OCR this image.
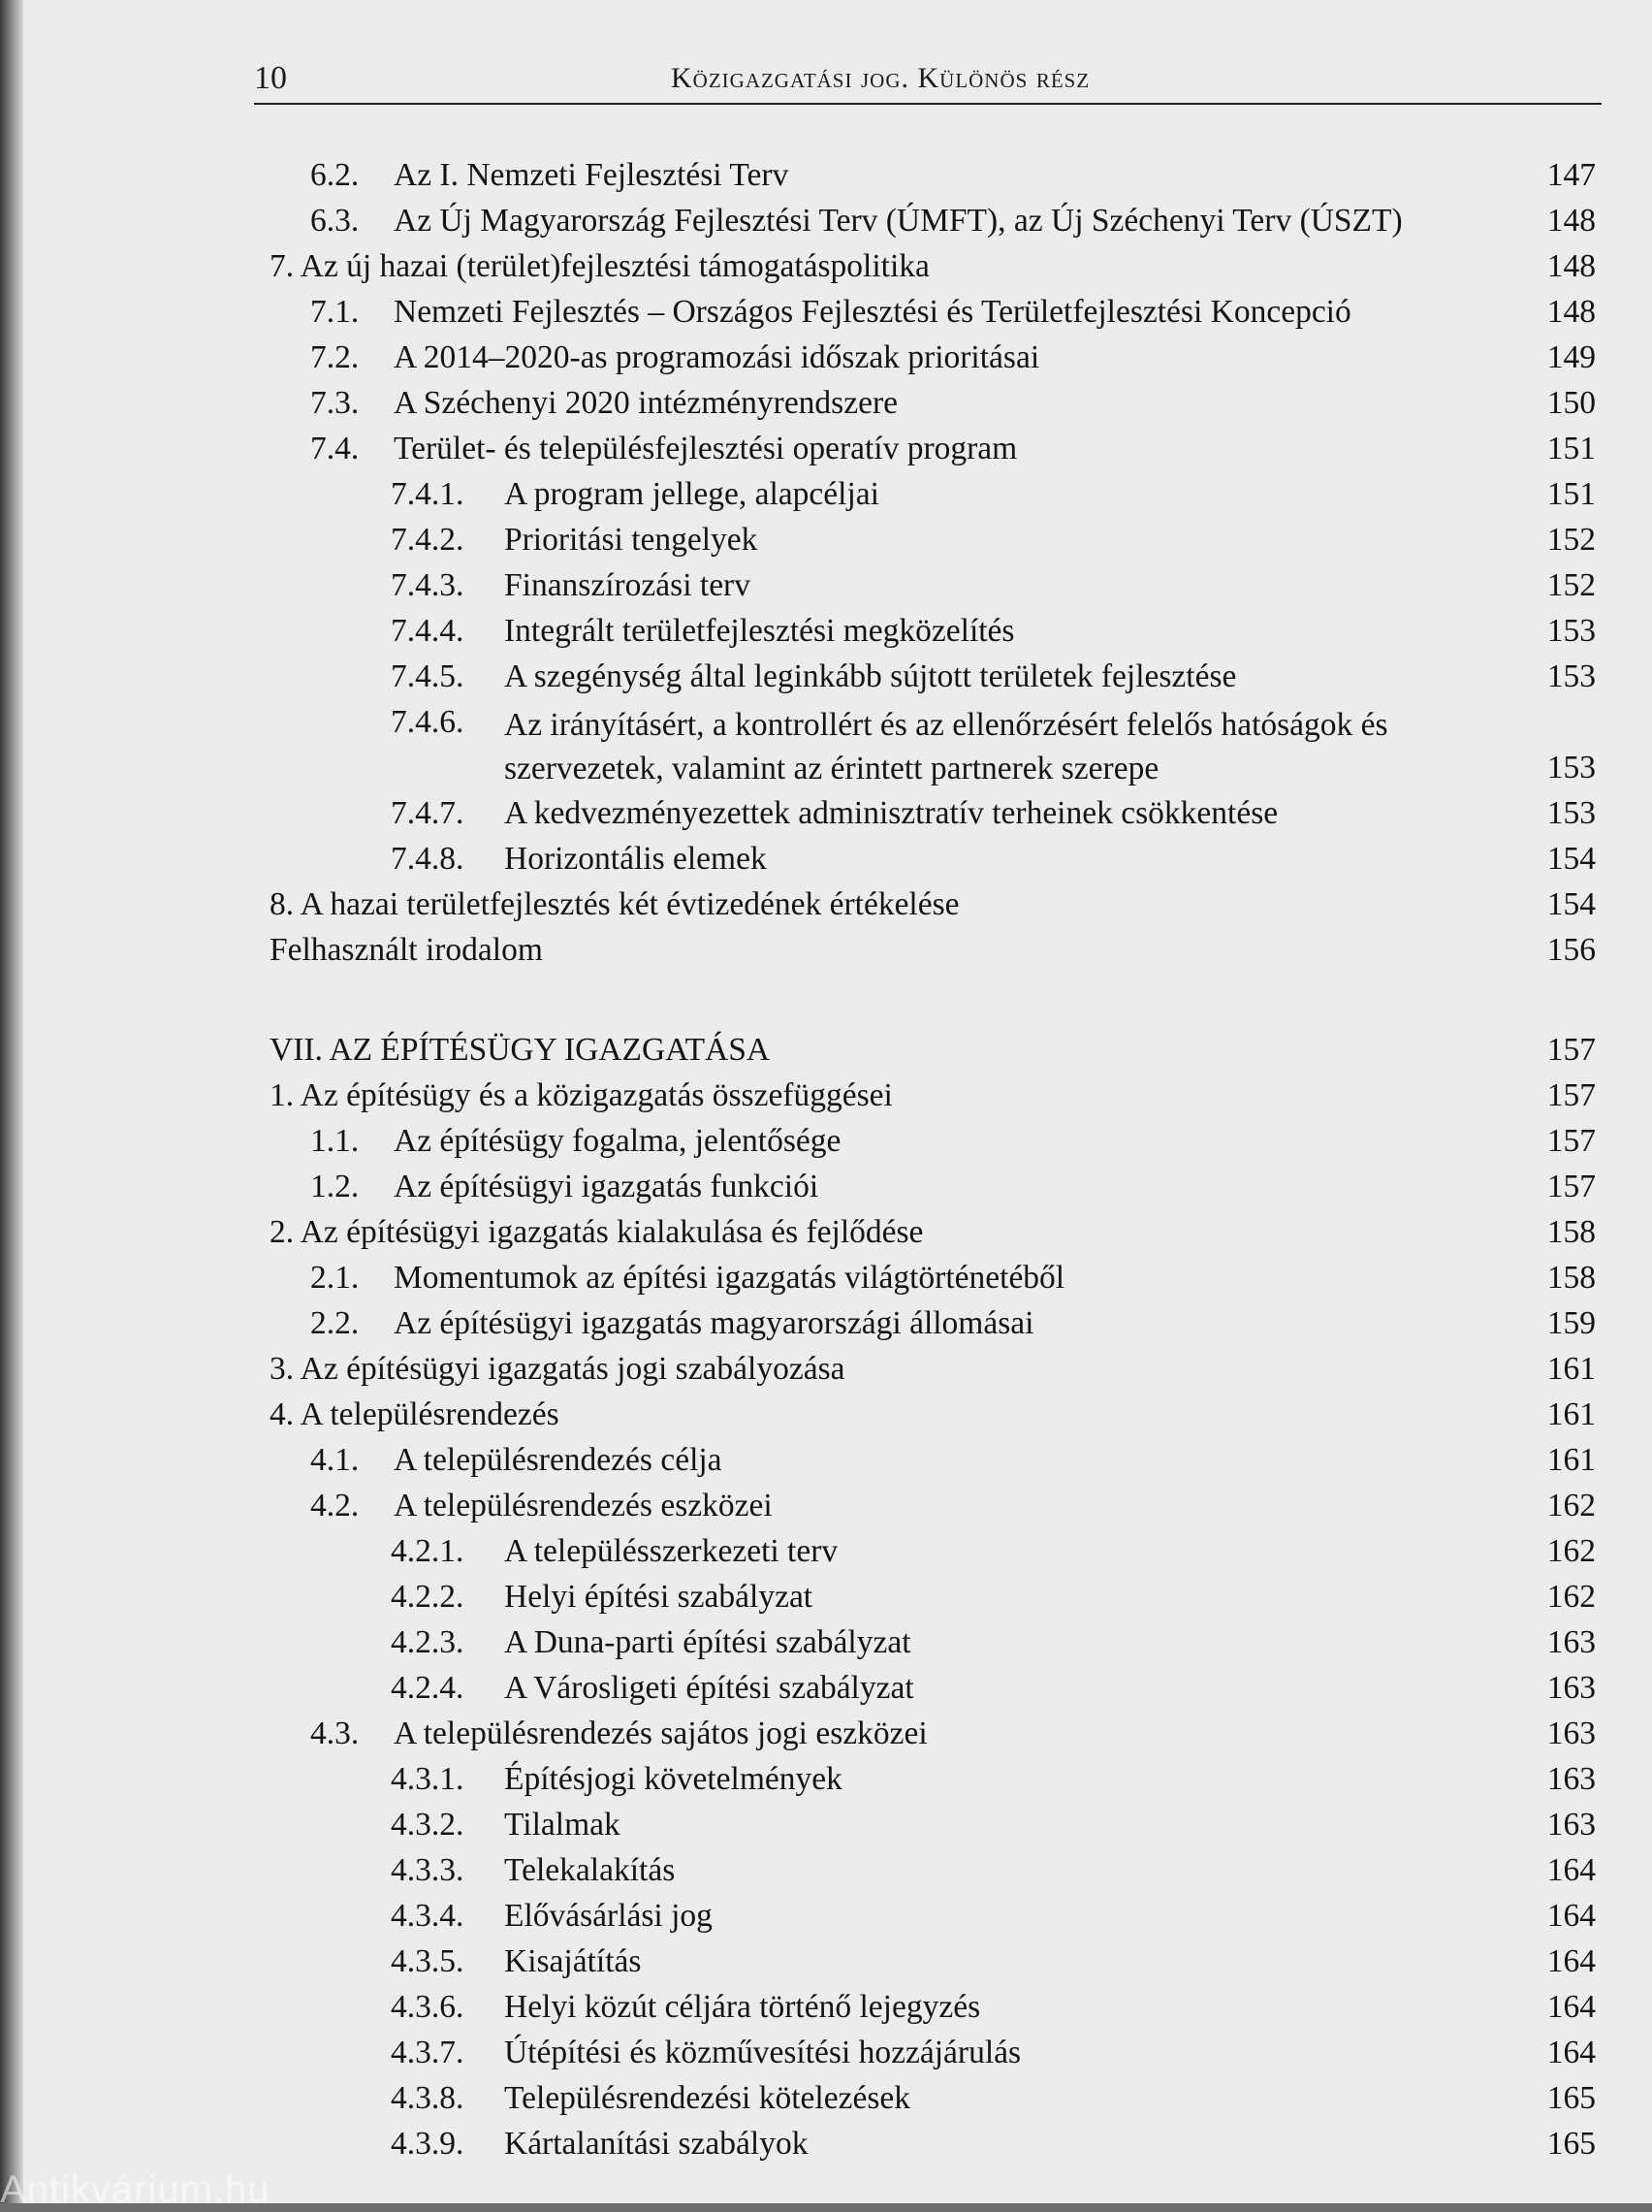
10	Közigazgatási jog. Különös rész
6.2. Az I. Nemzeti Fejlesztési Terv	147
6.3. Az Új Magyarország Fejlesztési Terv (ÚMFT), az Új Széchenyi Terv (ÚSZT)	148
7. Az új hazai (terület)fejlesztési támogatáspolitika	148
7.1. Nemzeti Fejlesztés – Országos Fejlesztési és Területfejlesztési Koncepció	148
7.2. A 2014–2020-as programozási időszak prioritásai	149
7.3. A Széchenyi 2020 intézményrendszere	150
7.4. Terület- és településfejlesztési operatív program	151
7.4.1. A program jellege, alapcéljai	151
7.4.2. Prioritási tengelyek	152
7.4.3. Finanszírozási terv	152
7.4.4. Integrált területfejlesztési megközelítés	153
7.4.5. A szegénység által leginkább sújtott területek fejlesztése	153
7.4.6. Az irányításért, a kontrollért és az ellenőrzésért felelős hatóságok és szervezetek, valamint az érintett partnerek szerepe	153
7.4.7. A kedvezményezettek adminisztratív terheinek csökkentése	153
7.4.8. Horizontális elemek	154
8. A hazai területfejlesztés két évtizedének értékelése	154
Felhasznált irodalom	156
VII. AZ ÉPÍTÉSÜGY IGAZGATÁSA	157
1. Az építésügy és a közigazgatás összefüggései	157
1.1. Az építésügy fogalma, jelentősége	157
1.2. Az építésügyi igazgatás funkciói	157
2. Az építésügyi igazgatás kialakulása és fejlődése	158
2.1. Momentumok az építési igazgatás világtörténetéből	158
2.2. Az építésügyi igazgatás magyarországi állomásai	159
3. Az építésügyi igazgatás jogi szabályozása	161
4. A településrendezés	161
4.1. A településrendezés célja	161
4.2. A településrendezés eszközei	162
4.2.1. A településszerkezeti terv	162
4.2.2. Helyi építési szabályzat	162
4.2.3. A Duna-parti építési szabályzat	163
4.2.4. A Városligeti építési szabályzat	163
4.3. A településrendezés sajátos jogi eszközei	163
4.3.1. Építésjogi követelmények	163
4.3.2. Tilalmak	163
4.3.3. Telekalakítás	164
4.3.4. Elővásárlási jog	164
4.3.5. Kisajátítás	164
4.3.6. Helyi közút céljára történő lejegyzés	164
4.3.7. Útépítési és közművesítési hozzájárulás	164
4.3.8. Településrendezési kötelezések	165
4.3.9. Kártalanítási szabályok	165
Antikvárium.hu
